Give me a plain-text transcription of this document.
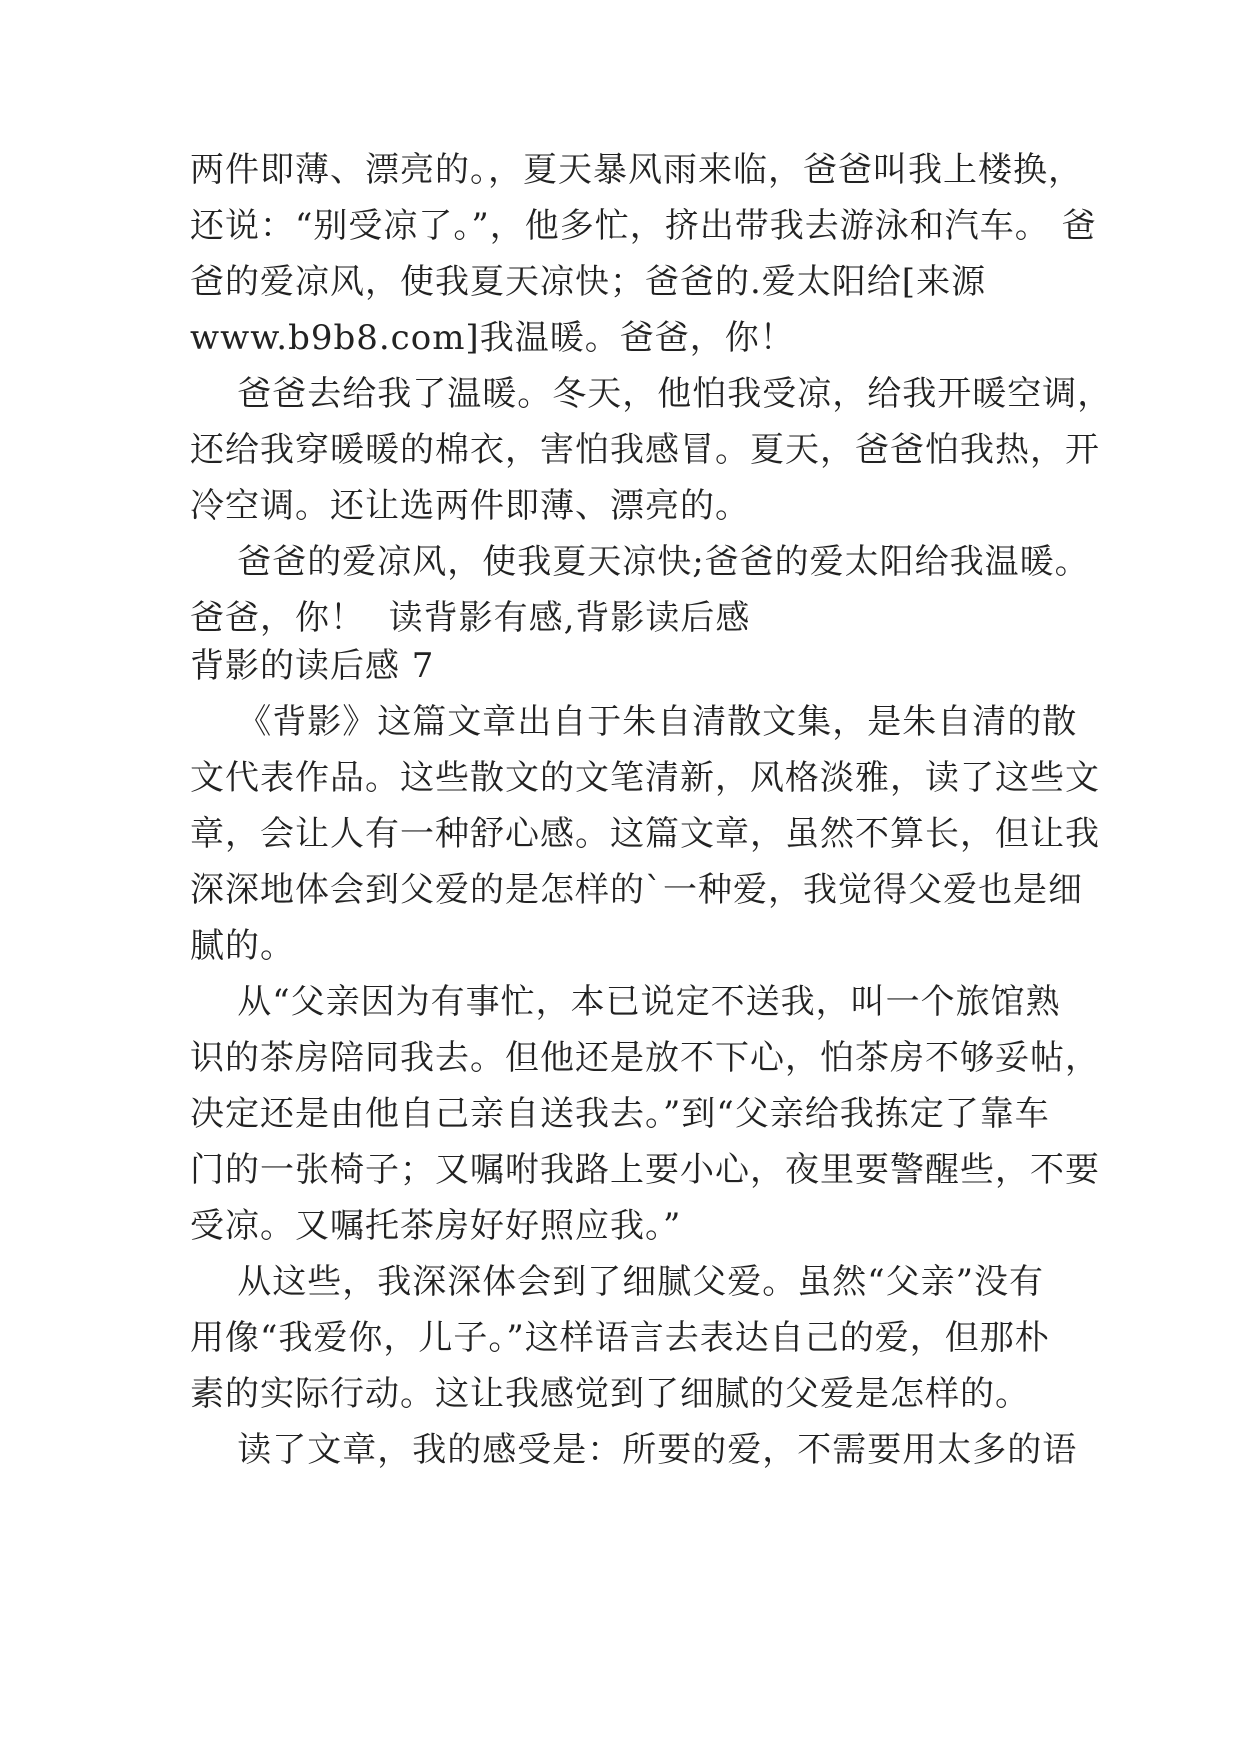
两件即薄、漂亮的。，夏天暴风雨来临，爸爸叫我上楼换，
还说：“别受凉了。”，他多忙，挤出带我去游泳和汽车。 爸
爸的爱凉风，使我夏天凉快；爸爸的.爱太阳给[来源
www.b9b8.com]我温暖。爸爸，你！
爸爸去给我了温暖。冬天，他怕我受凉，给我开暖空调，
还给我穿暖暖的棉衣，害怕我感冒。夏天，爸爸怕我热，开
冷空调。还让选两件即薄、漂亮的。
爸爸的爱凉风，使我夏天凉快;爸爸的爱太阳给我温暖。
爸爸，你！  读背影有感,背影读后感
背影的读后感 7
《背影》这篇文章出自于朱自清散文集，是朱自清的散
文代表作品。这些散文的文笔清新，风格淡雅，读了这些文
章，会让人有一种舒心感。这篇文章，虽然不算长，但让我
深深地体会到父爱的是怎样的`一种爱，我觉得父爱也是细
腻的。
从“父亲因为有事忙，本已说定不送我，叫一个旅馆熟
识的茶房陪同我去。但他还是放不下心，怕茶房不够妥帖，
决定还是由他自己亲自送我去。”到“父亲给我拣定了靠车
门的一张椅子；又嘱咐我路上要小心，夜里要警醒些，不要
受凉。又嘱托茶房好好照应我。”
从这些，我深深体会到了细腻父爱。虽然“父亲”没有
用像“我爱你，儿子。”这样语言去表达自己的爱，但那朴
素的实际行动。这让我感觉到了细腻的父爱是怎样的。
读了文章，我的感受是：所要的爱，不需要用太多的语
